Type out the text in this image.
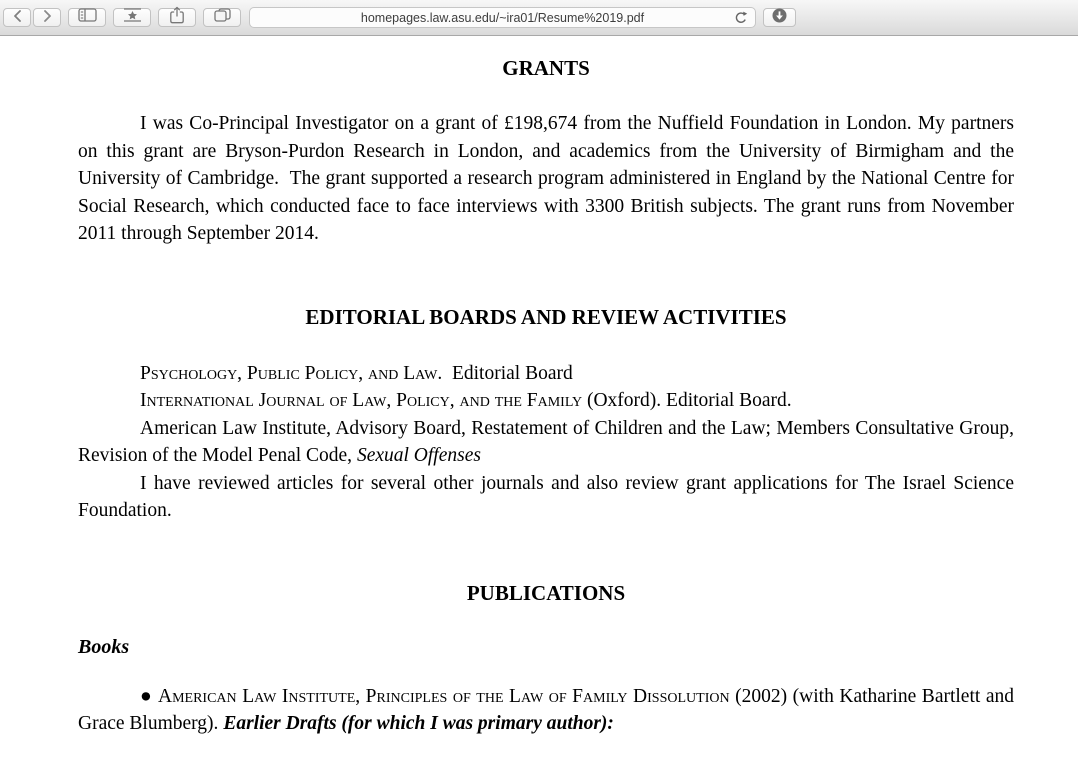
homepages.law.asu.edu/~ira01/Resume%2019.pdf
GRANTS
I was Co-Principal Investigator on a grant of £198,674 from the Nuffield Foundation in London. My partners on this grant are Bryson-Purdon Research in London, and academics from the University of Birmigham and the University of Cambridge.  The grant supported a research program administered in England by the National Centre for Social Research, which conducted face to face interviews with 3300 British subjects. The grant runs from November 2011 through September 2014.
EDITORIAL BOARDS AND REVIEW ACTIVITIES
Psychology, Public Policy, and Law.  Editorial Board
International Journal of Law, Policy, and the Family (Oxford). Editorial Board.
American Law Institute, Advisory Board, Restatement of Children and the Law; Members Consultative Group, Revision of the Model Penal Code, Sexual Offenses
I have reviewed articles for several other journals and also review grant applications for The Israel Science Foundation.
PUBLICATIONS
Books
● American Law Institute, Principles of the Law of Family Dissolution (2002) (with Katharine Bartlett and Grace Blumberg). Earlier Drafts (for which I was primary author):
